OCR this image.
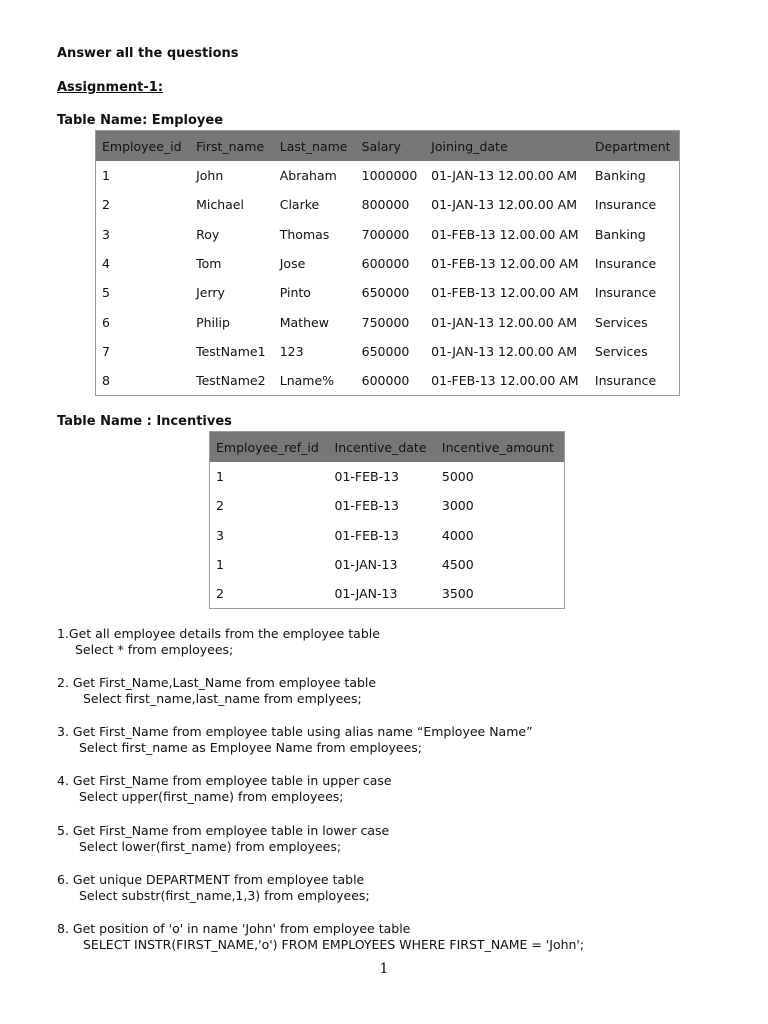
Answer all the questions
Assignment-1:
Table Name: Employee
Employee_id	First_name	Last_name	Salary	Joining_date	Department
1	John	Abraham	1000000	01-JAN-13 12.00.00 AM	Banking
2	Michael	Clarke	800000	01-JAN-13 12.00.00 AM	Insurance
3	Roy	Thomas	700000	01-FEB-13 12.00.00 AM	Banking
4	Tom	Jose	600000	01-FEB-13 12.00.00 AM	Insurance
5	Jerry	Pinto	650000	01-FEB-13 12.00.00 AM	Insurance
6	Philip	Mathew	750000	01-JAN-13 12.00.00 AM	Services
7	TestName1	123	650000	01-JAN-13 12.00.00 AM	Services
8	TestName2	Lname%	600000	01-FEB-13 12.00.00 AM	Insurance
Table Name : Incentives
Employee_ref_id	Incentive_date	Incentive_amount
1	01-FEB-13	5000
2	01-FEB-13	3000
3	01-FEB-13	4000
1	01-JAN-13	4500
2	01-JAN-13	3500
1.Get all employee details from the employee table
Select * from employees;
2. Get First_Name,Last_Name from employee table
Select first_name,last_name from emplyees;
3. Get First_Name from employee table using alias name “Employee Name”
Select first_name as Employee Name from employees;
4. Get First_Name from employee table in upper case
Select upper(first_name) from employees;
5. Get First_Name from employee table in lower case
Select lower(first_name) from employees;
6. Get unique DEPARTMENT from employee table
Select substr(first_name,1,3) from employees;
8. Get position of 'o' in name 'John' from employee table
SELECT INSTR(FIRST_NAME,'o') FROM EMPLOYEES WHERE FIRST_NAME = 'John';
1
